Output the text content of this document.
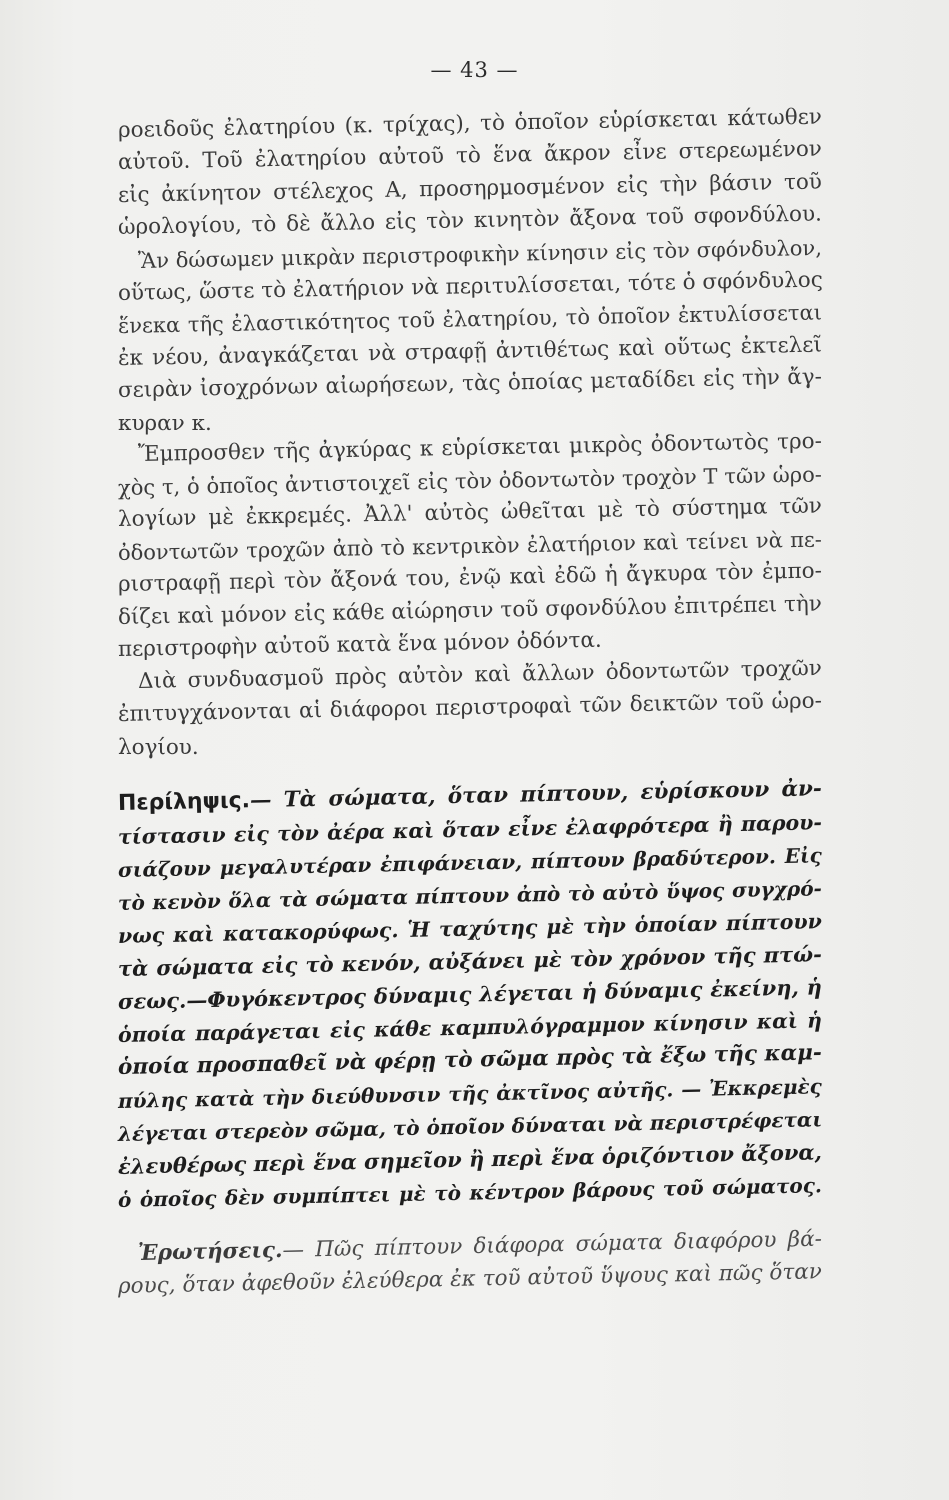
— 43 —
ροειδοῦς ἐλατηρίου (κ. τρίχας), τὸ ὁποῖον εὑρίσκεται κάτωθεν
αὐτοῦ. Τοῦ ἐλατηρίου αὐτοῦ τὸ ἕνα ἄκρον εἶνε στερεωμένον
εἰς ἀκίνητον στέλεχος Α, προσηρμοσμένον εἰς τὴν βάσιν τοῦ
ὡρολογίου, τὸ δὲ ἄλλο εἰς τὸν κινητὸν ἄξονα τοῦ σφονδύλου.
Ἂν δώσωμεν μικρὰν περιστροφικὴν κίνησιν εἰς τὸν σφόνδυλον,
οὕτως, ὥστε τὸ ἐλατήριον νὰ περιτυλίσσεται, τότε ὁ σφόνδυλος
ἕνεκα τῆς ἐλαστικότητος τοῦ ἐλατηρίου, τὸ ὁποῖον ἐκτυλίσσεται
ἐκ νέου, ἀναγκάζεται νὰ στραφῇ ἀντιθέτως καὶ οὕτως ἐκτελεῖ
σειρὰν ἰσοχρόνων αἰωρήσεων, τὰς ὁποίας μεταδίδει εἰς τὴν ἄγ-
κυραν κ.
Ἔμπροσθεν τῆς ἀγκύρας κ εὑρίσκεται μικρὸς ὀδοντωτὸς τρο-
χὸς τ, ὁ ὁποῖος ἀντιστοιχεῖ εἰς τὸν ὀδοντωτὸν τροχὸν Τ τῶν ὡρο-
λογίων μὲ ἐκκρεμές. Ἀλλ' αὐτὸς ὠθεῖται μὲ τὸ σύστημα τῶν
ὀδοντωτῶν τροχῶν ἀπὸ τὸ κεντρικὸν ἐλατήριον καὶ τείνει νὰ πε-
ριστραφῇ περὶ τὸν ἄξονά του, ἐνῷ καὶ ἐδῶ ἡ ἄγκυρα τὸν ἐμπο-
δίζει καὶ μόνον εἰς κάθε αἰώρησιν τοῦ σφονδύλου ἐπιτρέπει τὴν
περιστροφὴν αὐτοῦ κατὰ ἕνα μόνον ὀδόντα.
Διὰ συνδυασμοῦ πρὸς αὐτὸν καὶ ἄλλων ὀδοντωτῶν τροχῶν
ἐπιτυγχάνονται αἱ διάφοροι περιστροφαὶ τῶν δεικτῶν τοῦ ὡρο-
λογίου.
Περίληψις.— Τὰ σώματα, ὅταν πίπτουν, εὑρίσκουν ἀν-
τίστασιν εἰς τὸν ἀέρα καὶ ὅταν εἶνε ἐλαφρότερα ἢ παρου-
σιάζουν μεγαλυτέραν ἐπιφάνειαν, πίπτουν βραδύτερον. Εἰς
τὸ κενὸν ὅλα τὰ σώματα πίπτουν ἀπὸ τὸ αὐτὸ ὕψος συγχρό-
νως καὶ κατακορύφως. Ἡ ταχύτης μὲ τὴν ὁποίαν πίπτουν
τὰ σώματα εἰς τὸ κενόν, αὐξάνει μὲ τὸν χρόνον τῆς πτώ-
σεως.—Φυγόκεντρος δύναμις λέγεται ἡ δύναμις ἐκείνη, ἡ
ὁποία παράγεται εἰς κάθε καμπυλόγραμμον κίνησιν καὶ ἡ
ὁποία προσπαθεῖ νὰ φέρῃ τὸ σῶμα πρὸς τὰ ἔξω τῆς καμ-
πύλης κατὰ τὴν διεύθυνσιν τῆς ἀκτῖνος αὐτῆς. — Ἐκκρεμὲς
λέγεται στερεὸν σῶμα, τὸ ὁποῖον δύναται νὰ περιστρέφεται
ἐλευθέρως περὶ ἕνα σημεῖον ἢ περὶ ἕνα ὁριζόντιον ἄξονα,
ὁ ὁποῖος δὲν συμπίπτει μὲ τὸ κέντρον βάρους τοῦ σώματος.
Ἐρωτήσεις.— Πῶς πίπτουν διάφορα σώματα διαφόρου βά-
ρους, ὅταν ἀφεθοῦν ἐλεύθερα ἐκ τοῦ αὐτοῦ ὕψους καὶ πῶς ὅταν
